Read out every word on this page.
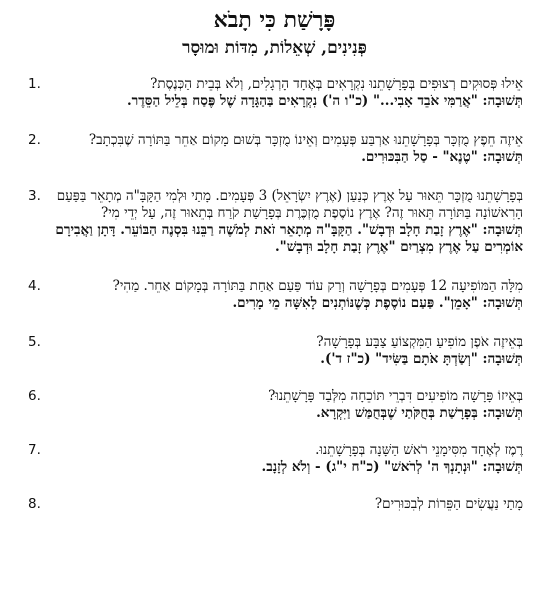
פָּרָשַׁת כִּי תָבֹא
פְּנִינִים, שְׁאֵלוֹת, מִדּוֹת וּמוּסָר

אֵילוּ פְּסוּקִים רְצוּפִים בְּפָרָשָׁתֵנוּ נִקְרָאִים בְּאֶחָד הָרְגָלִים, וְלֹא בְּבֵית הַכְּנֶסֶת?

תְּשׁוּבָה: "אֲרַמִּי אֹבֵד אָבִי..." (כ"ו ה') נִקְרָאִים בַּהַגָּדָה שֶׁל פֶּסַח בְּלֵיל הַסֵּדֶר.

1.

אֵיזֶה חֵפֶץ מֻזְכָּר בְּפָרָשָׁתֵנוּ אַרְבַּע פְּעָמִים וְאֵינוֹ מֻזְכָּר בְּשׁוּם מָקוֹם אַחֵר בַּתּוֹרָה שֶׁבִּכְתָב?

תְּשׁוּבָה: "טֶנֶא" - סַל הַבִּכּוּרִים.

2.

בְּפָרָשָׁתֵנוּ מֻזְכָּר תֵּאוּר עַל אֶרֶץ כְּנַעַן (אֶרֶץ יִשְׂרָאֵל) 3 פְּעָמִים. מָתַי וּלְמִי הַקָּבָּ"ה מְתָאֵר בַּפַּעַם הָרִאשׁוֹנָה בַּתּוֹרָה תֵּאוּר זֶה? אֶרֶץ נוֹסֶפֶת מֻזְכֶּרֶת בְּפָרָשַׁת קֹרַח בְּתֵאוּר זֶה, עַל יְדֵי מִי?

תְּשׁוּבָה: "אֶרֶץ זָבַת חָלָב וּדְבָשׁ". הַקָּבָּ"ה מְתָאֵר זֹאת לְמֹשֶׁה רַבֵּנוּ בִּסְנֶה הַבּוֹעֵר. דָּתָן וַאֲבִירָם אוֹמְרִים עַל אֶרֶץ מִצְרַיִם "אֶרֶץ זָבַת חָלָב וּדְבָשׁ".

3.

מִלָּה הַמּוֹפִיעָה 12 פְּעָמִים בְּפָרָשָׁה וְרַק עוֹד פַּעַם אַחַת בַּתּוֹרָה בְּמָקוֹם אַחֵר. מַהִי?

תְּשׁוּבָה: "אָמֵן". פַּעַם נוֹסֶפֶת כְּשֶׁנּוֹתְנִים לָאִשָּׁה מֵי מָרִים.

4.

בְּאֵיזֶה אֹפֶן מוֹפִיעַ הַמִּקְצוֹעַ צַבָּע בְּפָרָשָׁה?

תְּשׁוּבָה: "וְשַׂדְתָּ אֹתָם בַּשִּׂיד" (כ"ז ד').

5.

בְּאֵיזוֹ פָּרָשָׁה מוֹפִיעִים דִּבְרֵי תּוֹכֵחָה מִלְּבַד פָּרָשָׁתֵנוּ?

תְּשׁוּבָה: בְּפָרָשַׁת בְּחֻקֹּתַי שֶׁבְּחֻמַּשׁ וַיִּקְרָא.

6.

רֶמֶז לְאֶחָד מִסִּימָנֵי רֹאשׁ הַשָּׁנָה בְּפָרָשָׁתֵנוּ.

תְּשׁוּבָה: "וּנְתָנְךָ ה' לְרֹאשׁ" (כ"ח י"ג) - וְלֹא לְזָנָב.

7.

מָתַי נַעֲשִׂים הַפֵּרוֹת לְבִכּוּרִים?

8.
